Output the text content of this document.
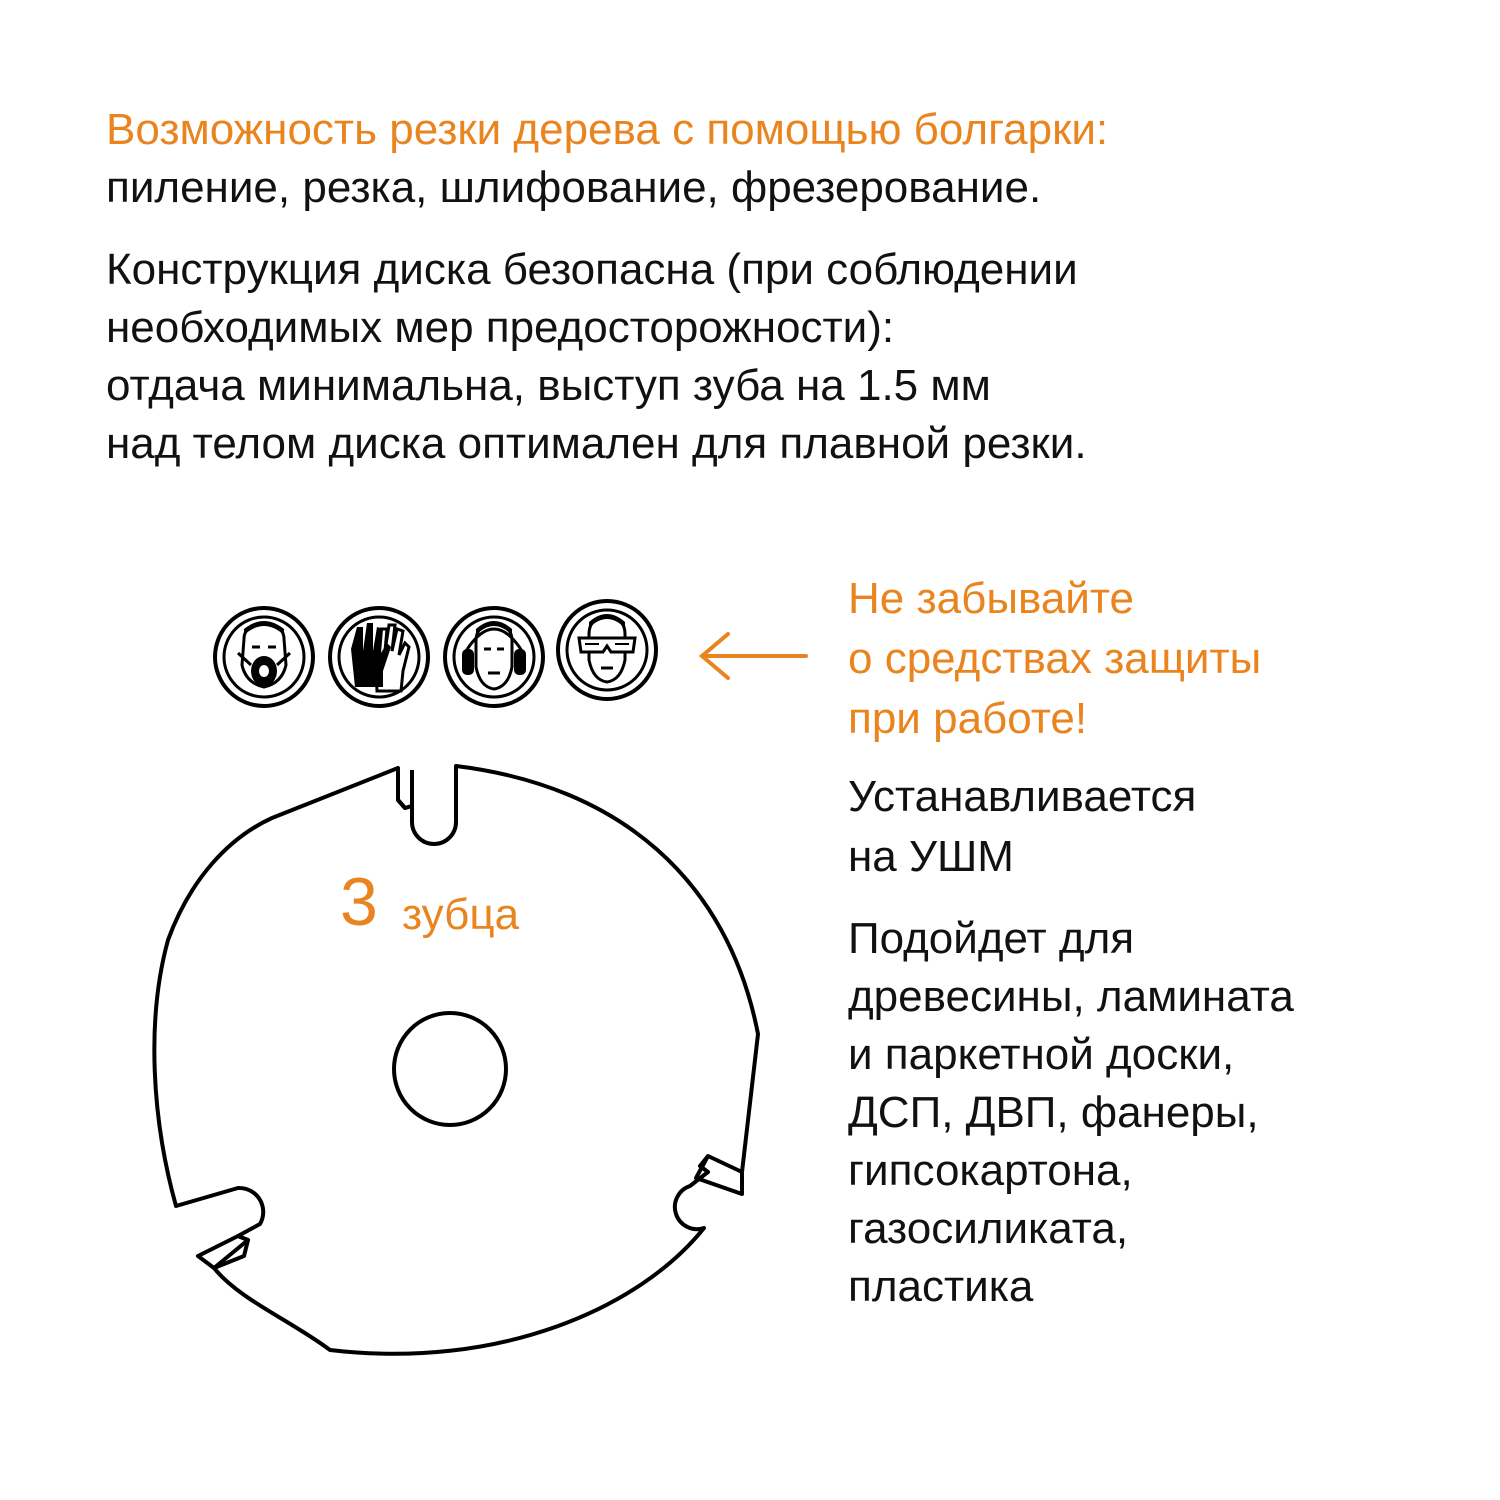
Возможность резки дерева с помощью болгарки:

пиление, резка, шлифование, фрезерование.

Конструкция диска безопасна (при соблюдении

необходимых мер предосторожности):

отдача минимальна, выступ зуба на 1.5 мм

над телом диска оптимален для плавной резки.

Не забывайте

о средствах защиты

при работе!

Устанавливается

на УШМ

Подойдет для

древесины, ламината

и паркетной доски,

ДСП, ДВП, фанеры,

гипсокартона,

газосиликата,

пластика

3 зубца
